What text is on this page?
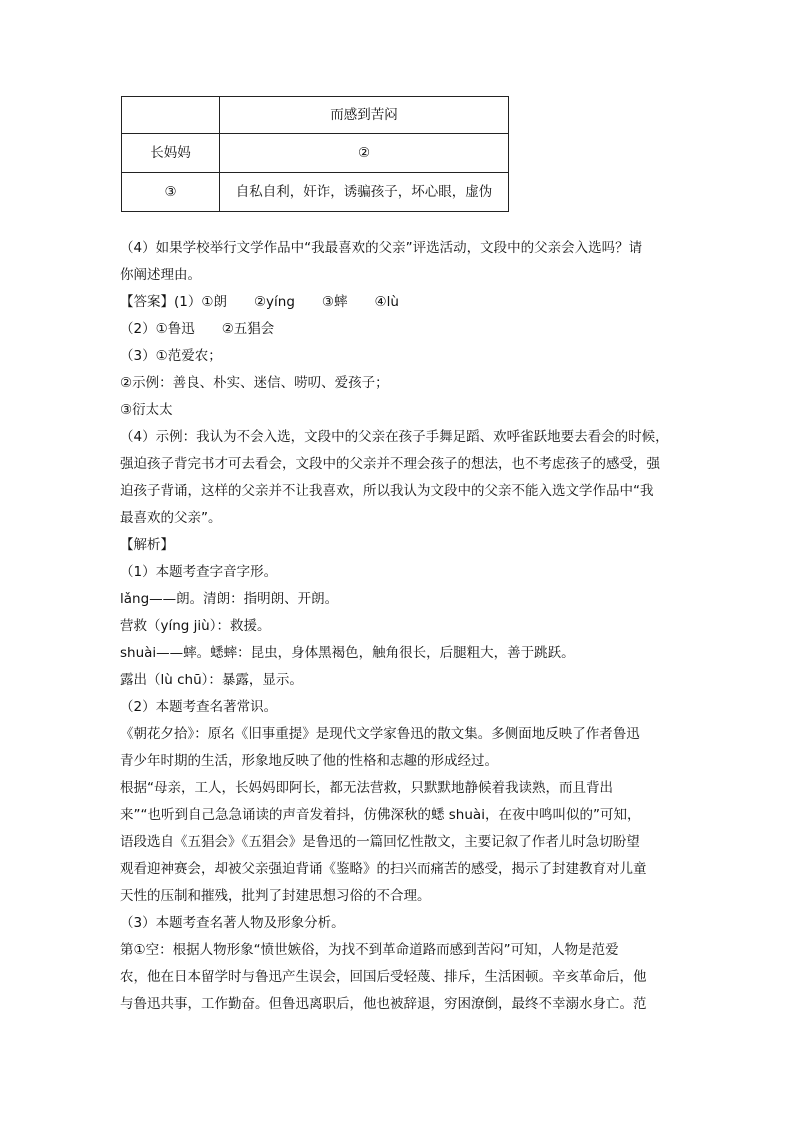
	而感到苦闷
长妈妈	②
③	自私自利，奸诈，诱骗孩子，坏心眼，虚伪
（4）如果学校举行文学作品中“我最喜欢的父亲”评选活动，文段中的父亲会入选吗？请
你阐述理由。
【答案】(1）①朗　　②yíng　　③蟀　　④lù
（2）①鲁迅　　②五猖会
（3）①范爱农；
②示例：善良、朴实、迷信、唠叨、爱孩子；
③衍太太
（4）示例：我认为不会入选，文段中的父亲在孩子手舞足蹈、欢呼雀跃地要去看会的时候，
强迫孩子背完书才可去看会，文段中的父亲并不理会孩子的想法，也不考虑孩子的感受，强
迫孩子背诵，这样的父亲并不让我喜欢，所以我认为文段中的父亲不能入选文学作品中“我
最喜欢的父亲”。
【解析】
（1）本题考查字音字形。
lǎng——朗。清朗：指明朗、开朗。
营救（yíng jiù）：救援。
shuài——蟀。蟋蟀：昆虫，身体黑褐色，触角很长，后腿粗大，善于跳跃。
露出（lù chū）：暴露，显示。
（2）本题考查名著常识。
《朝花夕拾》：原名《旧事重提》是现代文学家鲁迅的散文集。多侧面地反映了作者鲁迅
青少年时期的生活，形象地反映了他的性格和志趣的形成经过。
根据“母亲，工人，长妈妈即阿长，都无法营救，只默默地静候着我读熟，而且背出
来”“也听到自己急急诵读的声音发着抖，仿佛深秋的蟋 shuài，在夜中鸣叫似的”可知，
语段选自《五猖会》《五猖会》是鲁迅的一篇回忆性散文，主要记叙了作者儿时急切盼望
观看迎神赛会，却被父亲强迫背诵《鉴略》的扫兴而痛苦的感受，揭示了封建教育对儿童
天性的压制和摧残，批判了封建思想习俗的不合理。
（3）本题考查名著人物及形象分析。
第①空：根据人物形象“愤世嫉俗，为找不到革命道路而感到苦闷”可知，人物是范爱
农，他在日本留学时与鲁迅产生误会，回国后受轻蔑、排斥，生活困顿。辛亥革命后，他
与鲁迅共事，工作勤奋。但鲁迅离职后，他也被辞退，穷困潦倒，最终不幸溺水身亡。范
